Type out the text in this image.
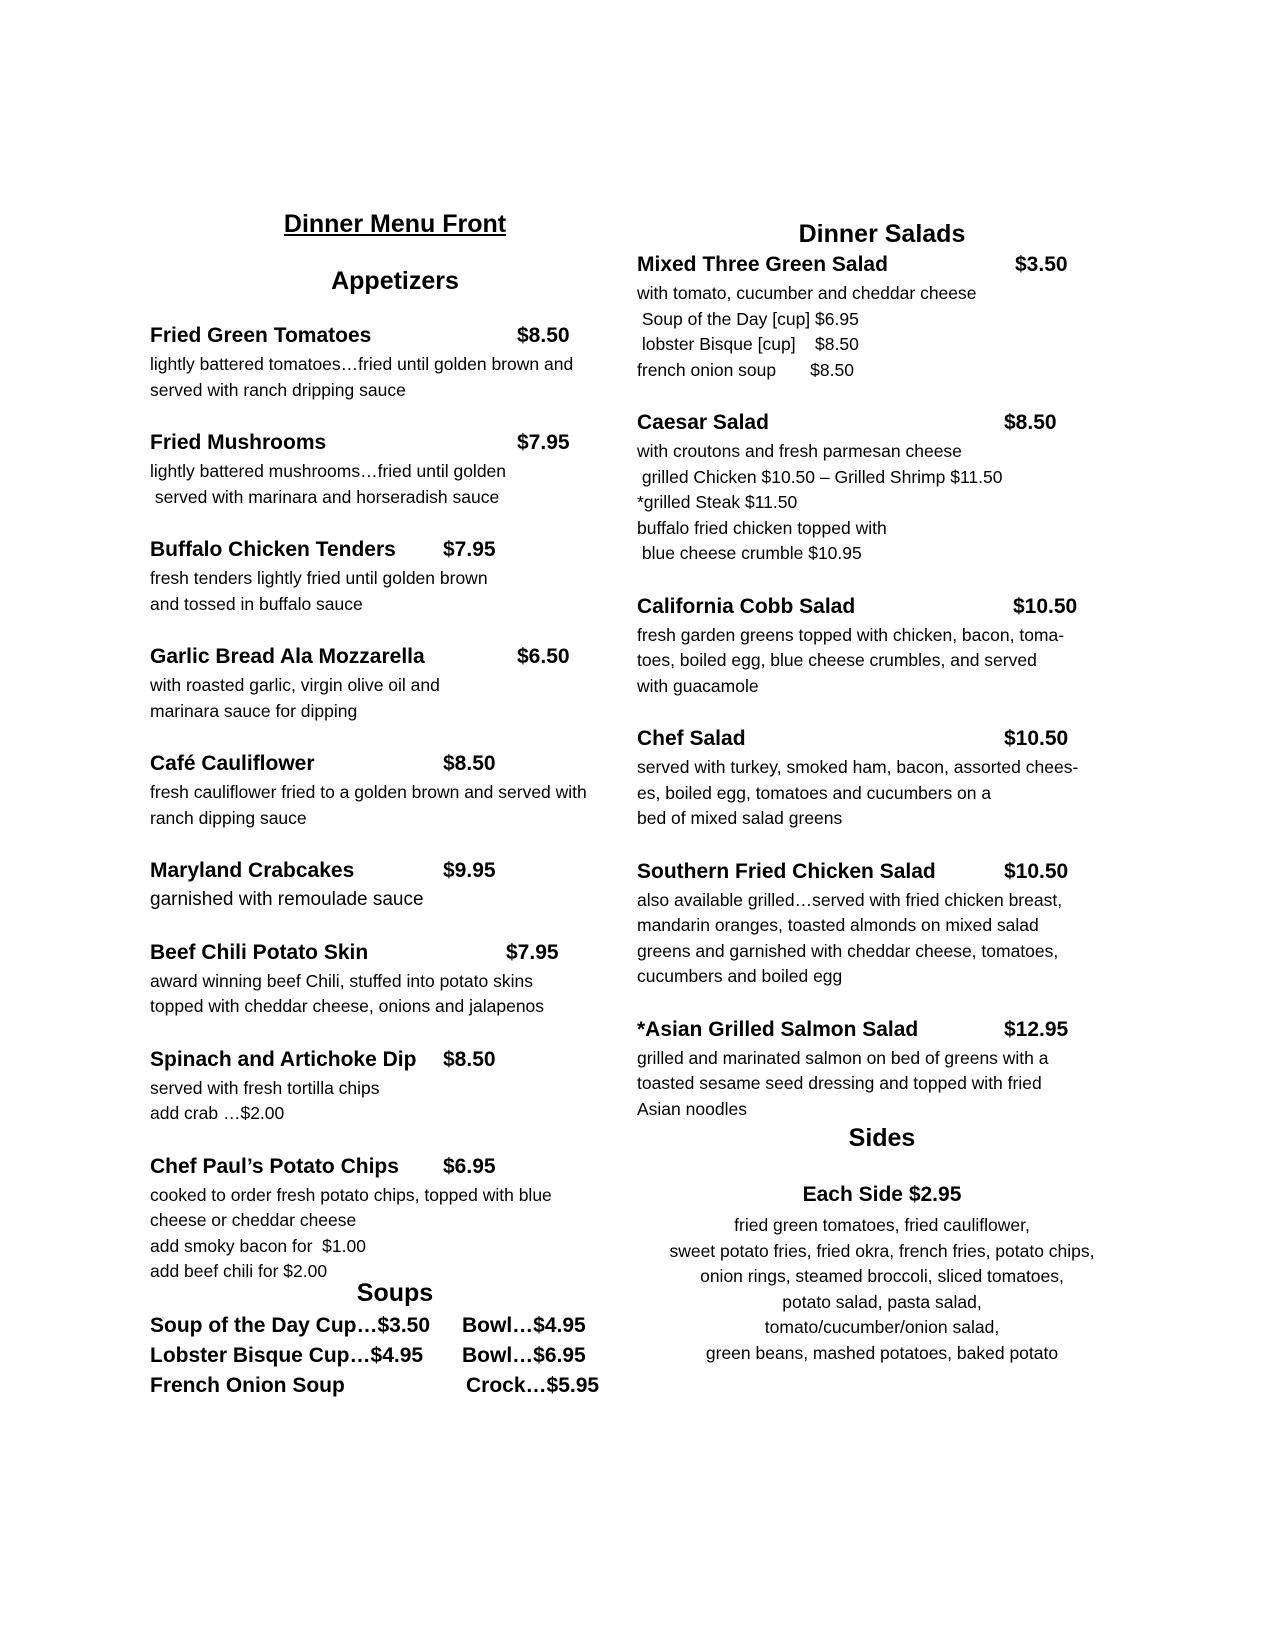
Dinner Menu Front
Appetizers
Fried Green Tomatoes	$8.50
lightly battered tomatoes…fried until golden brown and
served with ranch dripping sauce
Fried Mushrooms	$7.95
lightly battered mushrooms…fried until golden
served with marinara and horseradish sauce
Buffalo Chicken Tenders $7.95
fresh tenders lightly fried until golden brown
and tossed in buffalo sauce
Garlic Bread Ala Mozzarella	$6.50
with roasted garlic, virgin olive oil and
marinara sauce for dipping
Café Cauliflower	$8.50
fresh cauliflower fried to a golden brown and served with
ranch dipping sauce
Maryland Crabcakes	$9.95
garnished with remoulade sauce
Beef Chili Potato Skin	$7.95
award winning beef Chili, stuffed into potato skins
topped with cheddar cheese, onions and jalapenos
Spinach and Artichoke Dip $8.50
served with fresh tortilla chips
add crab …$2.00
Chef Paul’s Potato Chips $6.95
cooked to order fresh potato chips, topped with blue
cheese or cheddar cheese
add smoky bacon for  $1.00
add beef chili for $2.00
Soups
Soup of the Day Cup…$3.50 Bowl…$4.95
Lobster Bisque Cup…$4.95 Bowl…$6.95
French Onion Soup	Crock…$5.95
Dinner Salads
Mixed Three Green Salad	$3.50
with tomato, cucumber and cheddar cheese
Soup of the Day [cup] $6.95
lobster Bisque [cup]    $8.50
french onion soup       $8.50
Caesar Salad	$8.50
with croutons and fresh parmesan cheese
grilled Chicken $10.50 – Grilled Shrimp $11.50
*grilled Steak $11.50
buffalo fried chicken topped with
blue cheese crumble $10.95
California Cobb Salad	$10.50
fresh garden greens topped with chicken, bacon, toma-
toes, boiled egg, blue cheese crumbles, and served
with guacamole
Chef Salad	$10.50
served with turkey, smoked ham, bacon, assorted chees-
es, boiled egg, tomatoes and cucumbers on a
bed of mixed salad greens
Southern Fried Chicken Salad	$10.50
also available grilled…served with fried chicken breast,
mandarin oranges, toasted almonds on mixed salad
greens and garnished with cheddar cheese, tomatoes,
cucumbers and boiled egg
*Asian Grilled Salmon Salad	$12.95
grilled and marinated salmon on bed of greens with a
toasted sesame seed dressing and topped with fried
Asian noodles
Sides
Each Side $2.95
fried green tomatoes, fried cauliflower,
sweet potato fries, fried okra, french fries, potato chips,
onion rings, steamed broccoli, sliced tomatoes,
potato salad, pasta salad,
tomato/cucumber/onion salad,
green beans, mashed potatoes, baked potato
